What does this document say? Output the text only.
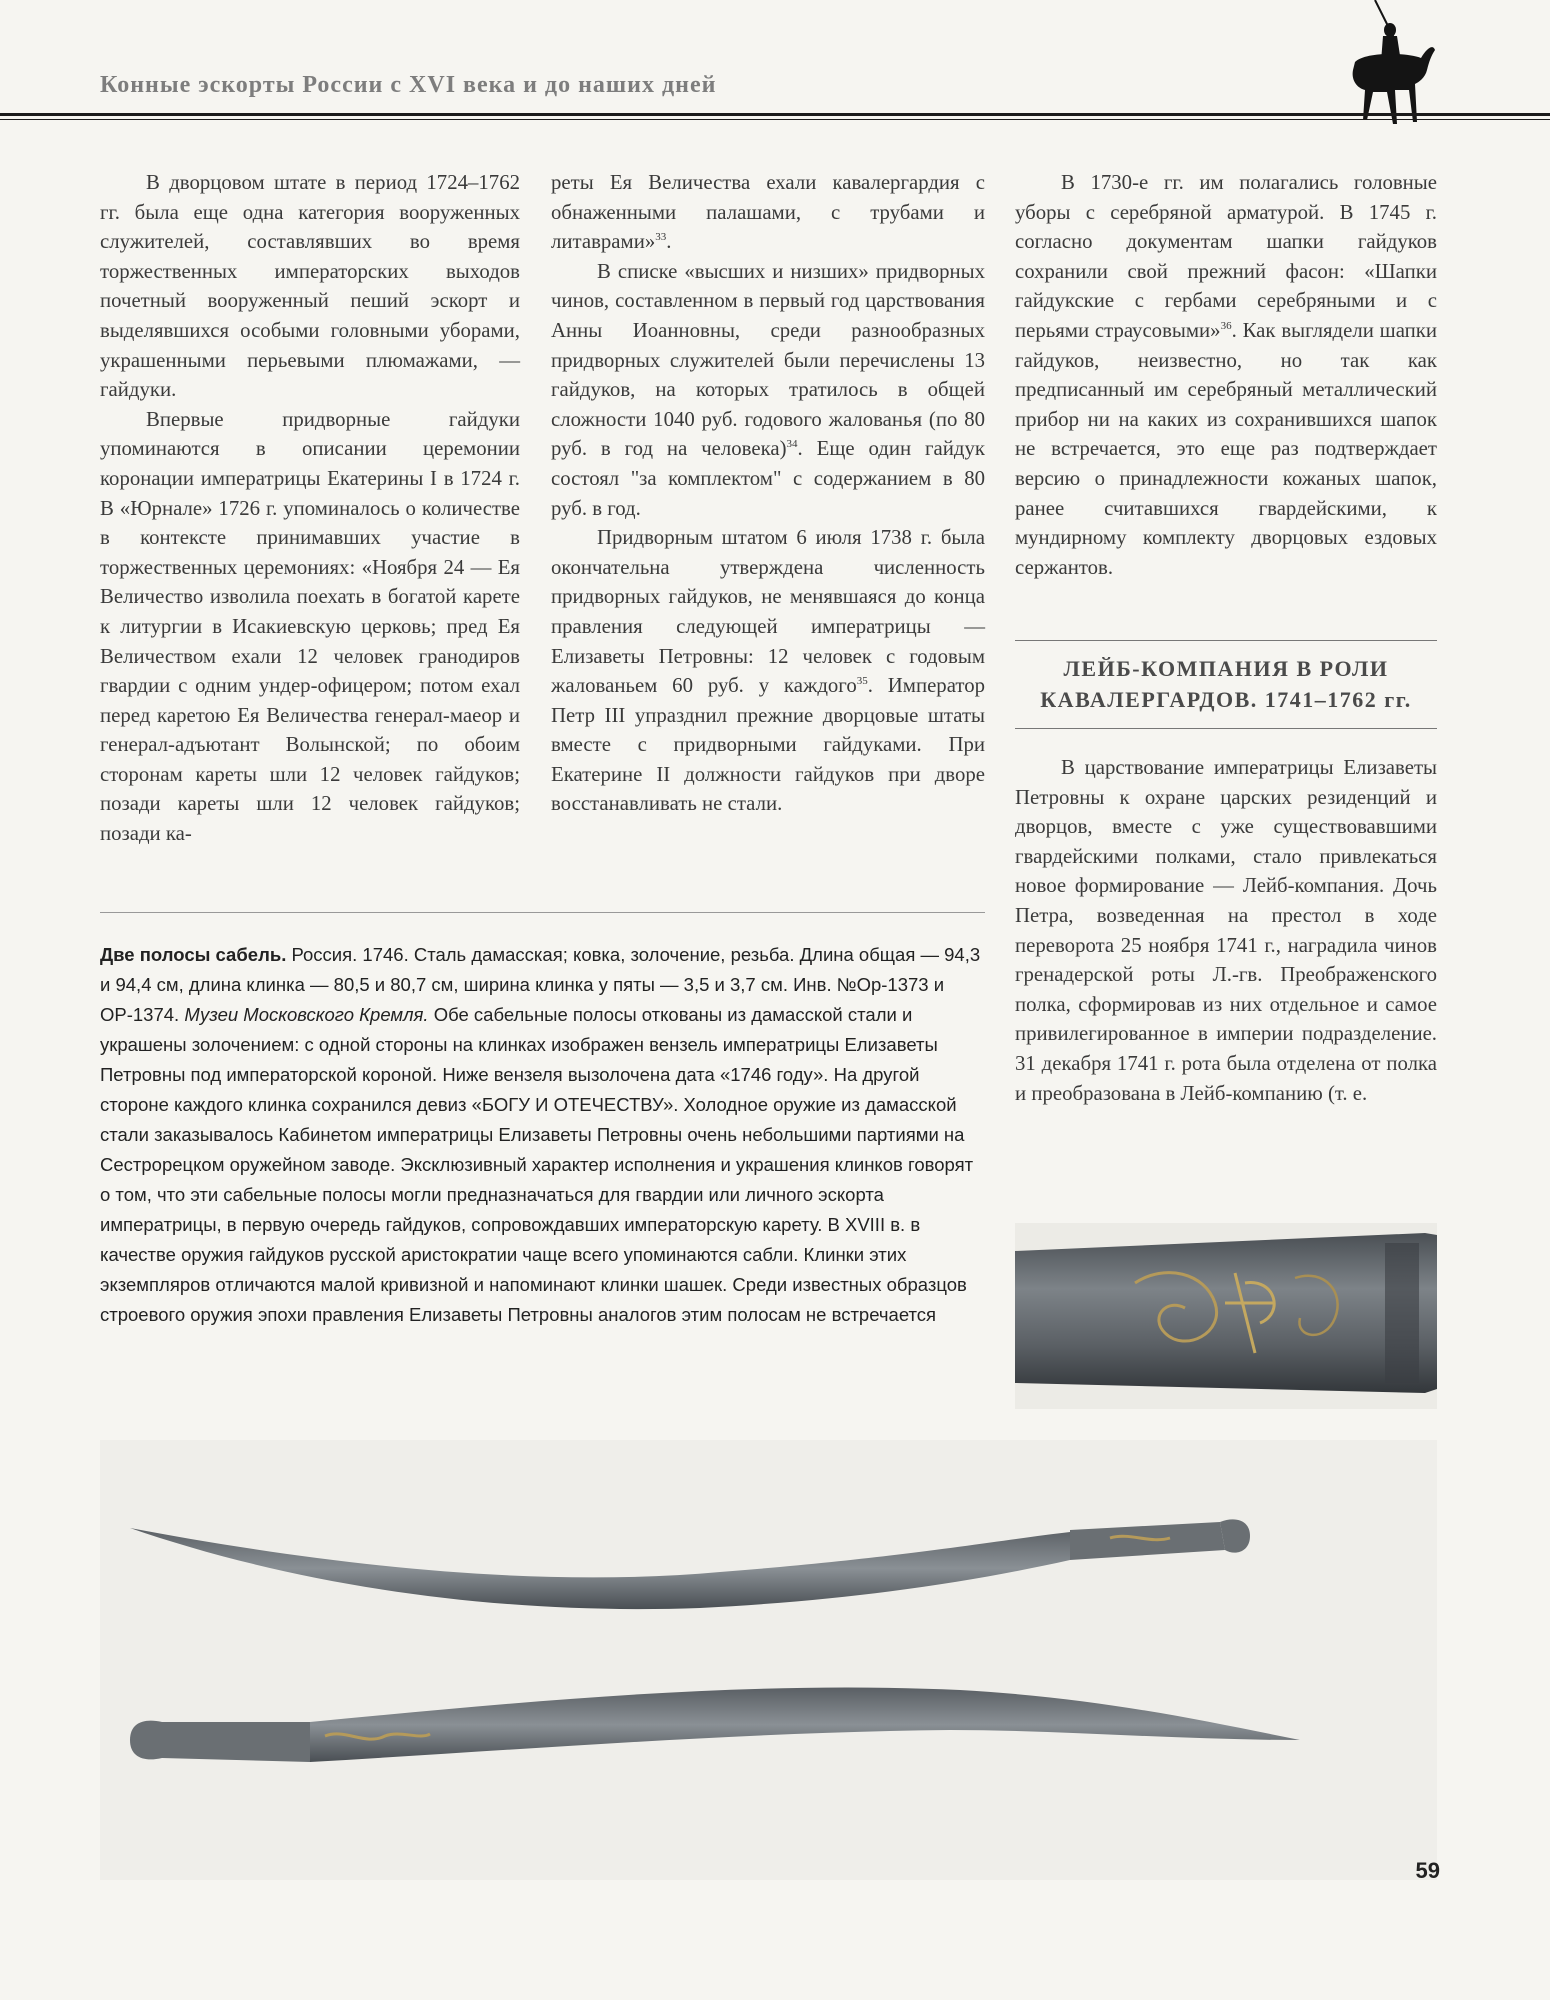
Конные эскорты России с XVI века и до наших дней

В дворцовом штате в период 1724–1762 гг. была еще одна категория вооруженных служителей, составлявших во время торжественных императорских выходов почетный вооруженный пеший эскорт и выделявшихся особыми головными уборами, украшенными перьевыми плюмажами, — гайдуки.

Впервые придворные гайдуки упоминаются в описании церемонии коронации императрицы Екатерины I в 1724 г. В «Юрнале» 1726 г. упоминалось о количестве в контексте принимавших участие в торжественных церемониях: «Ноября 24 — Ея Величество изволила поехать в богатой карете к литургии в Исакиевскую церковь; пред Ея Величеством ехали 12 человек гранодиров гвардии с одним ундер-офицером; потом ехал перед каретою Ея Величества генерал-маеор и генерал-адъютант Волынской; по обоим сторонам кареты шли 12 человек гайдуков; позади кареты шли 12 человек гайдуков; позади ка-

реты Ея Величества ехали кавалергардия с обнаженными палашами, с трубами и литаврами»$^{33}$.

В списке «высших и низших» придворных чинов, составленном в первый год царствования Анны Иоанновны, среди разнообразных придворных служителей были перечислены 13 гайдуков, на которых тратилось в общей сложности 1040 руб. годового жалованья (по 80 руб. в год на человека)$^{34}$. Еще один гайдук состоял "за комплектом" с содержанием в 80 руб. в год.

Придворным штатом 6 июля 1738 г. была окончательна утверждена численность придворных гайдуков, не менявшаяся до конца правления следующей императрицы — Елизаветы Петровны: 12 человек с годовым жалованьем 60 руб. у каждого$^{35}$. Император Петр III упразднил прежние дворцовые штаты вместе с придворными гайдуками. При Екатерине II должности гайдуков при дворе восстанавливать не стали.

В 1730-е гг. им полагались головные уборы с серебряной арматурой. В 1745 г. согласно документам шапки гайдуков сохранили свой прежний фасон: «Шапки гайдукские с гербами серебряными и с перьями страусовыми»$^{36}$. Как выглядели шапки гайдуков, неизвестно, но так как предписанный им серебряный металлический прибор ни на каких из сохранившихся шапок не встречается, это еще раз подтверждает версию о принадлежности кожаных шапок, ранее считавшихся гвардейскими, к мундирному комплекту дворцовых ездовых сержантов.

ЛЕЙБ-КОМПАНИЯ В РОЛИ
КАВАЛЕРГАРДОВ. 1741–1762 гг.

В царствование императрицы Елизаветы Петровны к охране царских резиденций и дворцов, вместе с уже существовавшими гвардейскими полками, стало привлекаться новое формирование — Лейб-компания. Дочь Петра, возведенная на престол в ходе переворота 25 ноября 1741 г., наградила чинов гренадерской роты Л.-гв. Преображенского полка, сформировав из них отдельное и самое привилегированное в империи подразделение. 31 декабря 1741 г. рота была отделена от полка и преобразована в Лейб-компанию (т. е.

Две полосы сабель. Россия. 1746. Сталь дамасская; ковка, золочение, резьба. Длина общая — 94,3 и 94,4 см, длина клинка — 80,5 и 80,7 см, ширина клинка у пяты — 3,5 и 3,7 см. Инв. №Ор-1373 и ОР-1374. Музеи Московского Кремля. Обе сабельные полосы откованы из дамасской стали и украшены золочением: с одной стороны на клинках изображен вензель императрицы Елизаветы Петровны под императорской короной. Ниже вензеля вызолочена дата «1746 году». На другой стороне каждого клинка сохранился девиз «БОГУ И ОТЕЧЕСТВУ». Холодное оружие из дамасской стали заказывалось Кабинетом императрицы Елизаветы Петровны очень небольшими партиями на Сестрорецком оружейном заводе. Эксклюзивный характер исполнения и украшения клинков говорят о том, что эти сабельные полосы могли предназначаться для гвардии или личного эскорта императрицы, в первую очередь гайдуков, сопровождавших императорскую карету. В XVIII в. в качестве оружия гайдуков русской аристократии чаще всего упоминаются сабли. Клинки этих экземпляров отличаются малой кривизной и напоминают клинки шашек. Среди известных образцов строевого оружия эпохи правления Елизаветы Петровны аналогов этим полосам не встречается
59
